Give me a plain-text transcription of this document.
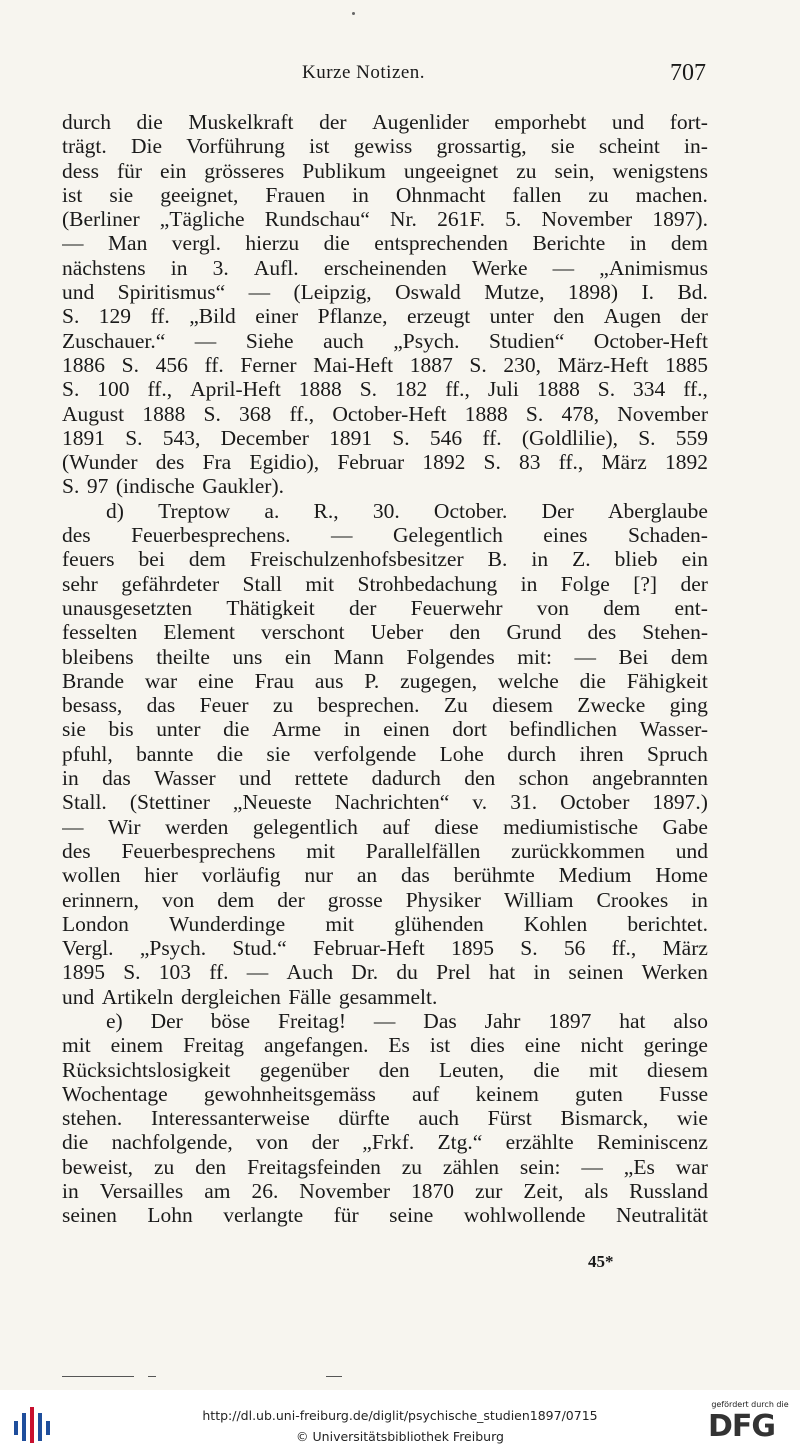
Kurze Notizen.	707
durch die Muskelkraft der Augenlider emporhebt und fort-
trägt. Die Vorführung ist gewiss grossartig, sie scheint in-
dess für ein grösseres Publikum ungeeignet zu sein, wenigstens
ist sie geeignet, Frauen in Ohnmacht fallen zu machen.
(Berliner „Tägliche Rundschau“ Nr. 261F. 5. November 1897).
— Man vergl. hierzu die entsprechenden Berichte in dem
nächstens in 3. Aufl. erscheinenden Werke — „Animismus
und Spiritismus“ — (Leipzig, Oswald Mutze, 1898) I. Bd.
S. 129 ff. „Bild einer Pflanze, erzeugt unter den Augen der
Zuschauer.“ — Siehe auch „Psych. Studien“ October-Heft
1886 S. 456 ff. Ferner Mai-Heft 1887 S. 230, März-Heft 1885
S. 100 ff., April-Heft 1888 S. 182 ff., Juli 1888 S. 334 ff.,
August 1888 S. 368 ff., October-Heft 1888 S. 478, November
1891 S. 543, December 1891 S. 546 ff. (Goldlilie), S. 559
(Wunder des Fra Egidio), Februar 1892 S. 83 ff., März 1892
S. 97 (indische Gaukler).
d) Treptow a. R., 30. October. Der Aberglaube
des Feuerbesprechens. — Gelegentlich eines Schaden-
feuers bei dem Freischulzenhofsbesitzer B. in Z. blieb ein
sehr gefährdeter Stall mit Strohbedachung in Folge [?] der
unausgesetzten Thätigkeit der Feuerwehr von dem ent-
fesselten Element verschont Ueber den Grund des Stehen-
bleibens theilte uns ein Mann Folgendes mit: — Bei dem
Brande war eine Frau aus P. zugegen, welche die Fähigkeit
besass, das Feuer zu besprechen. Zu diesem Zwecke ging
sie bis unter die Arme in einen dort befindlichen Wasser-
pfuhl, bannte die sie verfolgende Lohe durch ihren Spruch
in das Wasser und rettete dadurch den schon angebrannten
Stall. (Stettiner „Neueste Nachrichten“ v. 31. October 1897.)
— Wir werden gelegentlich auf diese mediumistische Gabe
des Feuerbesprechens mit Parallelfällen zurückkommen und
wollen hier vorläufig nur an das berühmte Medium Home
erinnern, von dem der grosse Physiker William Crookes in
London Wunderdinge mit glühenden Kohlen berichtet.
Vergl. „Psych. Stud.“ Februar-Heft 1895 S. 56 ff., März
1895 S. 103 ff. — Auch Dr. du Prel hat in seinen Werken
und Artikeln dergleichen Fälle gesammelt.
e) Der böse Freitag! — Das Jahr 1897 hat also
mit einem Freitag angefangen. Es ist dies eine nicht geringe
Rücksichtslosigkeit gegenüber den Leuten, die mit diesem
Wochentage gewohnheitsgemäss auf keinem guten Fusse
stehen. Interessanterweise dürfte auch Fürst Bismarck, wie
die nachfolgende, von der „Frkf. Ztg.“ erzählte Reminiscenz
beweist, zu den Freitagsfeinden zu zählen sein: — „Es war
in Versailles am 26. November 1870 zur Zeit, als Russland
seinen Lohn verlangte für seine wohlwollende Neutralität
45*
http://dl.ub.uni-freiburg.de/diglit/psychische_studien1897/0715
© Universitätsbibliothek Freiburg
gefördert durch die
DFG
